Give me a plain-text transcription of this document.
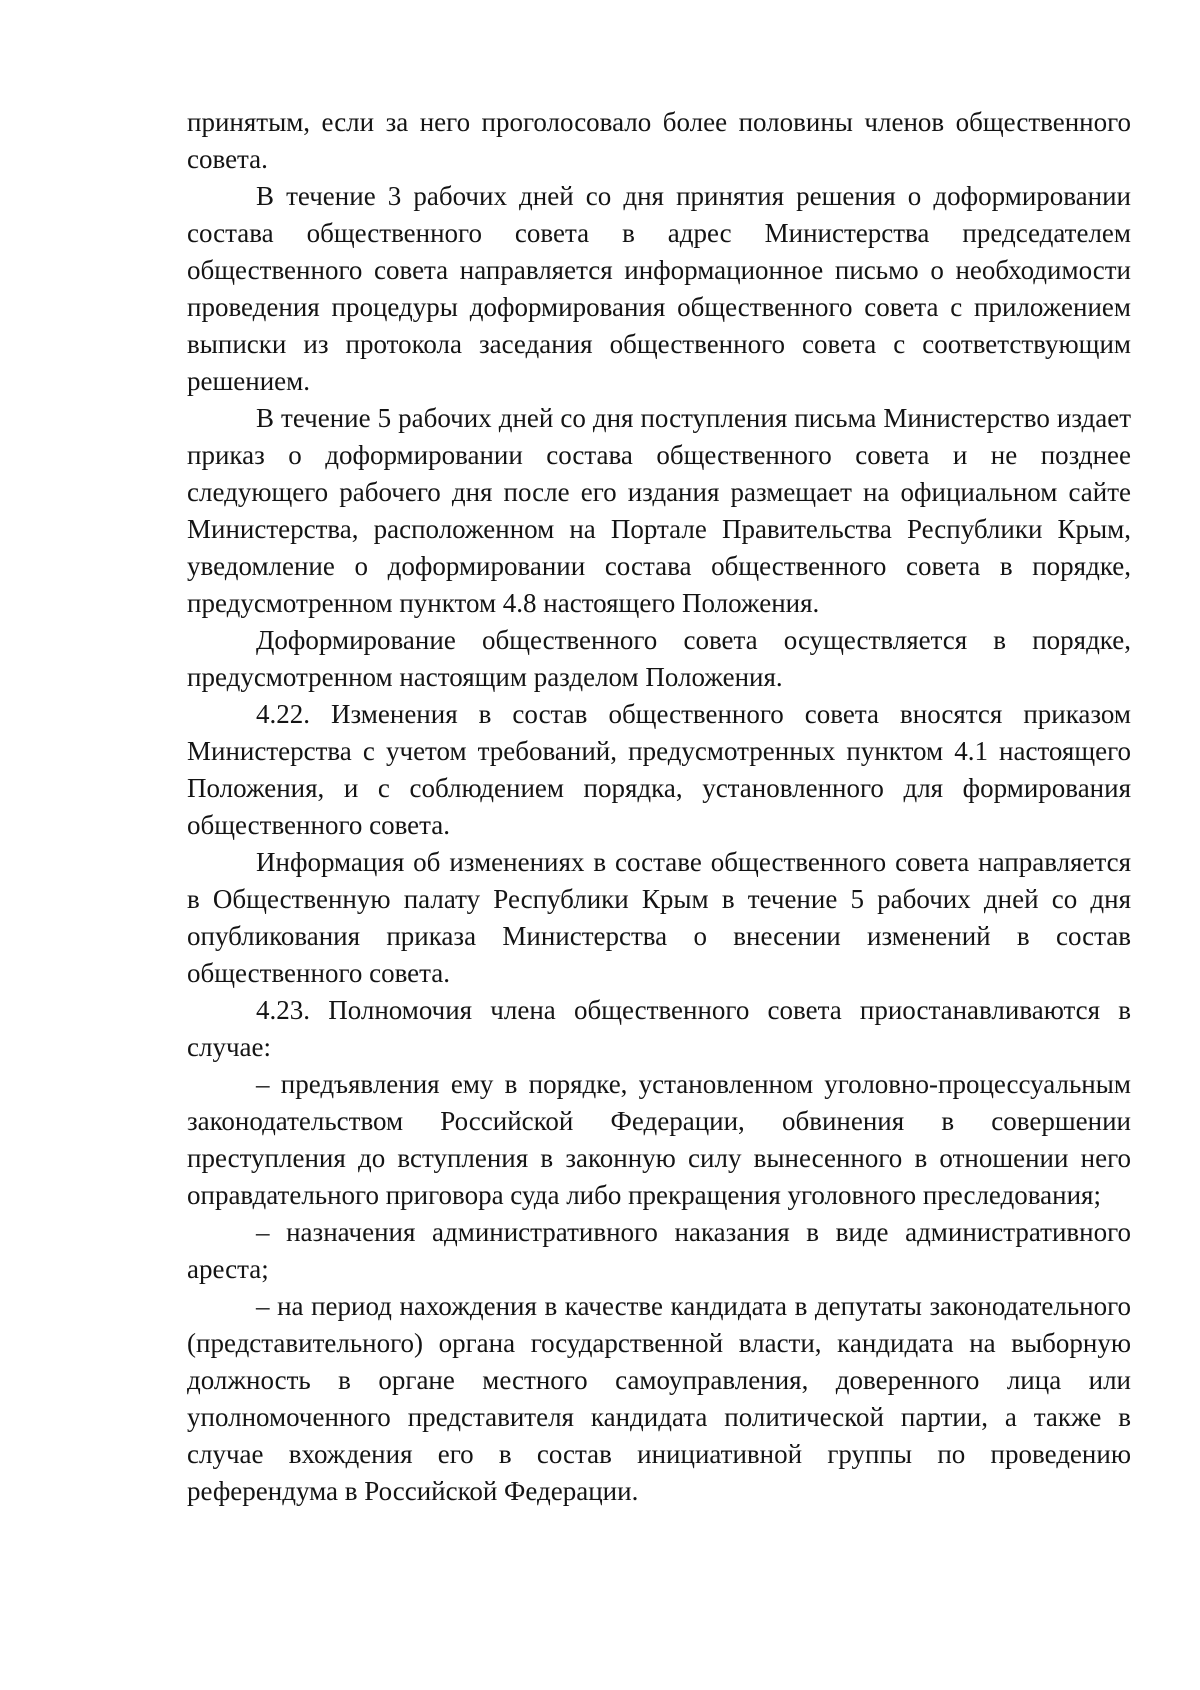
принятым, если за него проголосовало более половины членов общественного совета.

В течение 3 рабочих дней со дня принятия решения о доформировании состава общественного совета в адрес Министерства председателем общественного совета направляется информационное письмо о необходимости проведения процедуры доформирования общественного совета с приложением выписки из протокола заседания общественного совета с соответствующим решением.

В течение 5 рабочих дней со дня поступления письма Министерство издает приказ о доформировании состава общественного совета и не позднее следующего рабочего дня после его издания размещает на официальном сайте Министерства, расположенном на Портале Правительства Республики Крым, уведомление о доформировании состава общественного совета в порядке, предусмотренном пунктом 4.8 настоящего Положения.

Доформирование общественного совета осуществляется в порядке, предусмотренном настоящим разделом Положения.

4.22. Изменения в состав общественного совета вносятся приказом Министерства с учетом требований, предусмотренных пунктом 4.1 настоящего Положения, и с соблюдением порядка, установленного для формирования общественного совета.

Информация об изменениях в составе общественного совета направляется в Общественную палату Республики Крым в течение 5 рабочих дней со дня опубликования приказа Министерства о внесении изменений в состав общественного совета.

4.23. Полномочия члена общественного совета приостанавливаются в случае:

– предъявления ему в порядке, установленном уголовно-процессуальным законодательством Российской Федерации, обвинения в совершении преступления до вступления в законную силу вынесенного в отношении него оправдательного приговора суда либо прекращения уголовного преследования;

– назначения административного наказания в виде административного ареста;

– на период нахождения в качестве кандидата в депутаты законодательного (представительного) органа государственной власти, кандидата на выборную должность в органе местного самоуправления, доверенного лица или уполномоченного представителя кандидата политической партии, а также в случае вхождения его в состав инициативной группы по проведению референдума в Российской Федерации.
